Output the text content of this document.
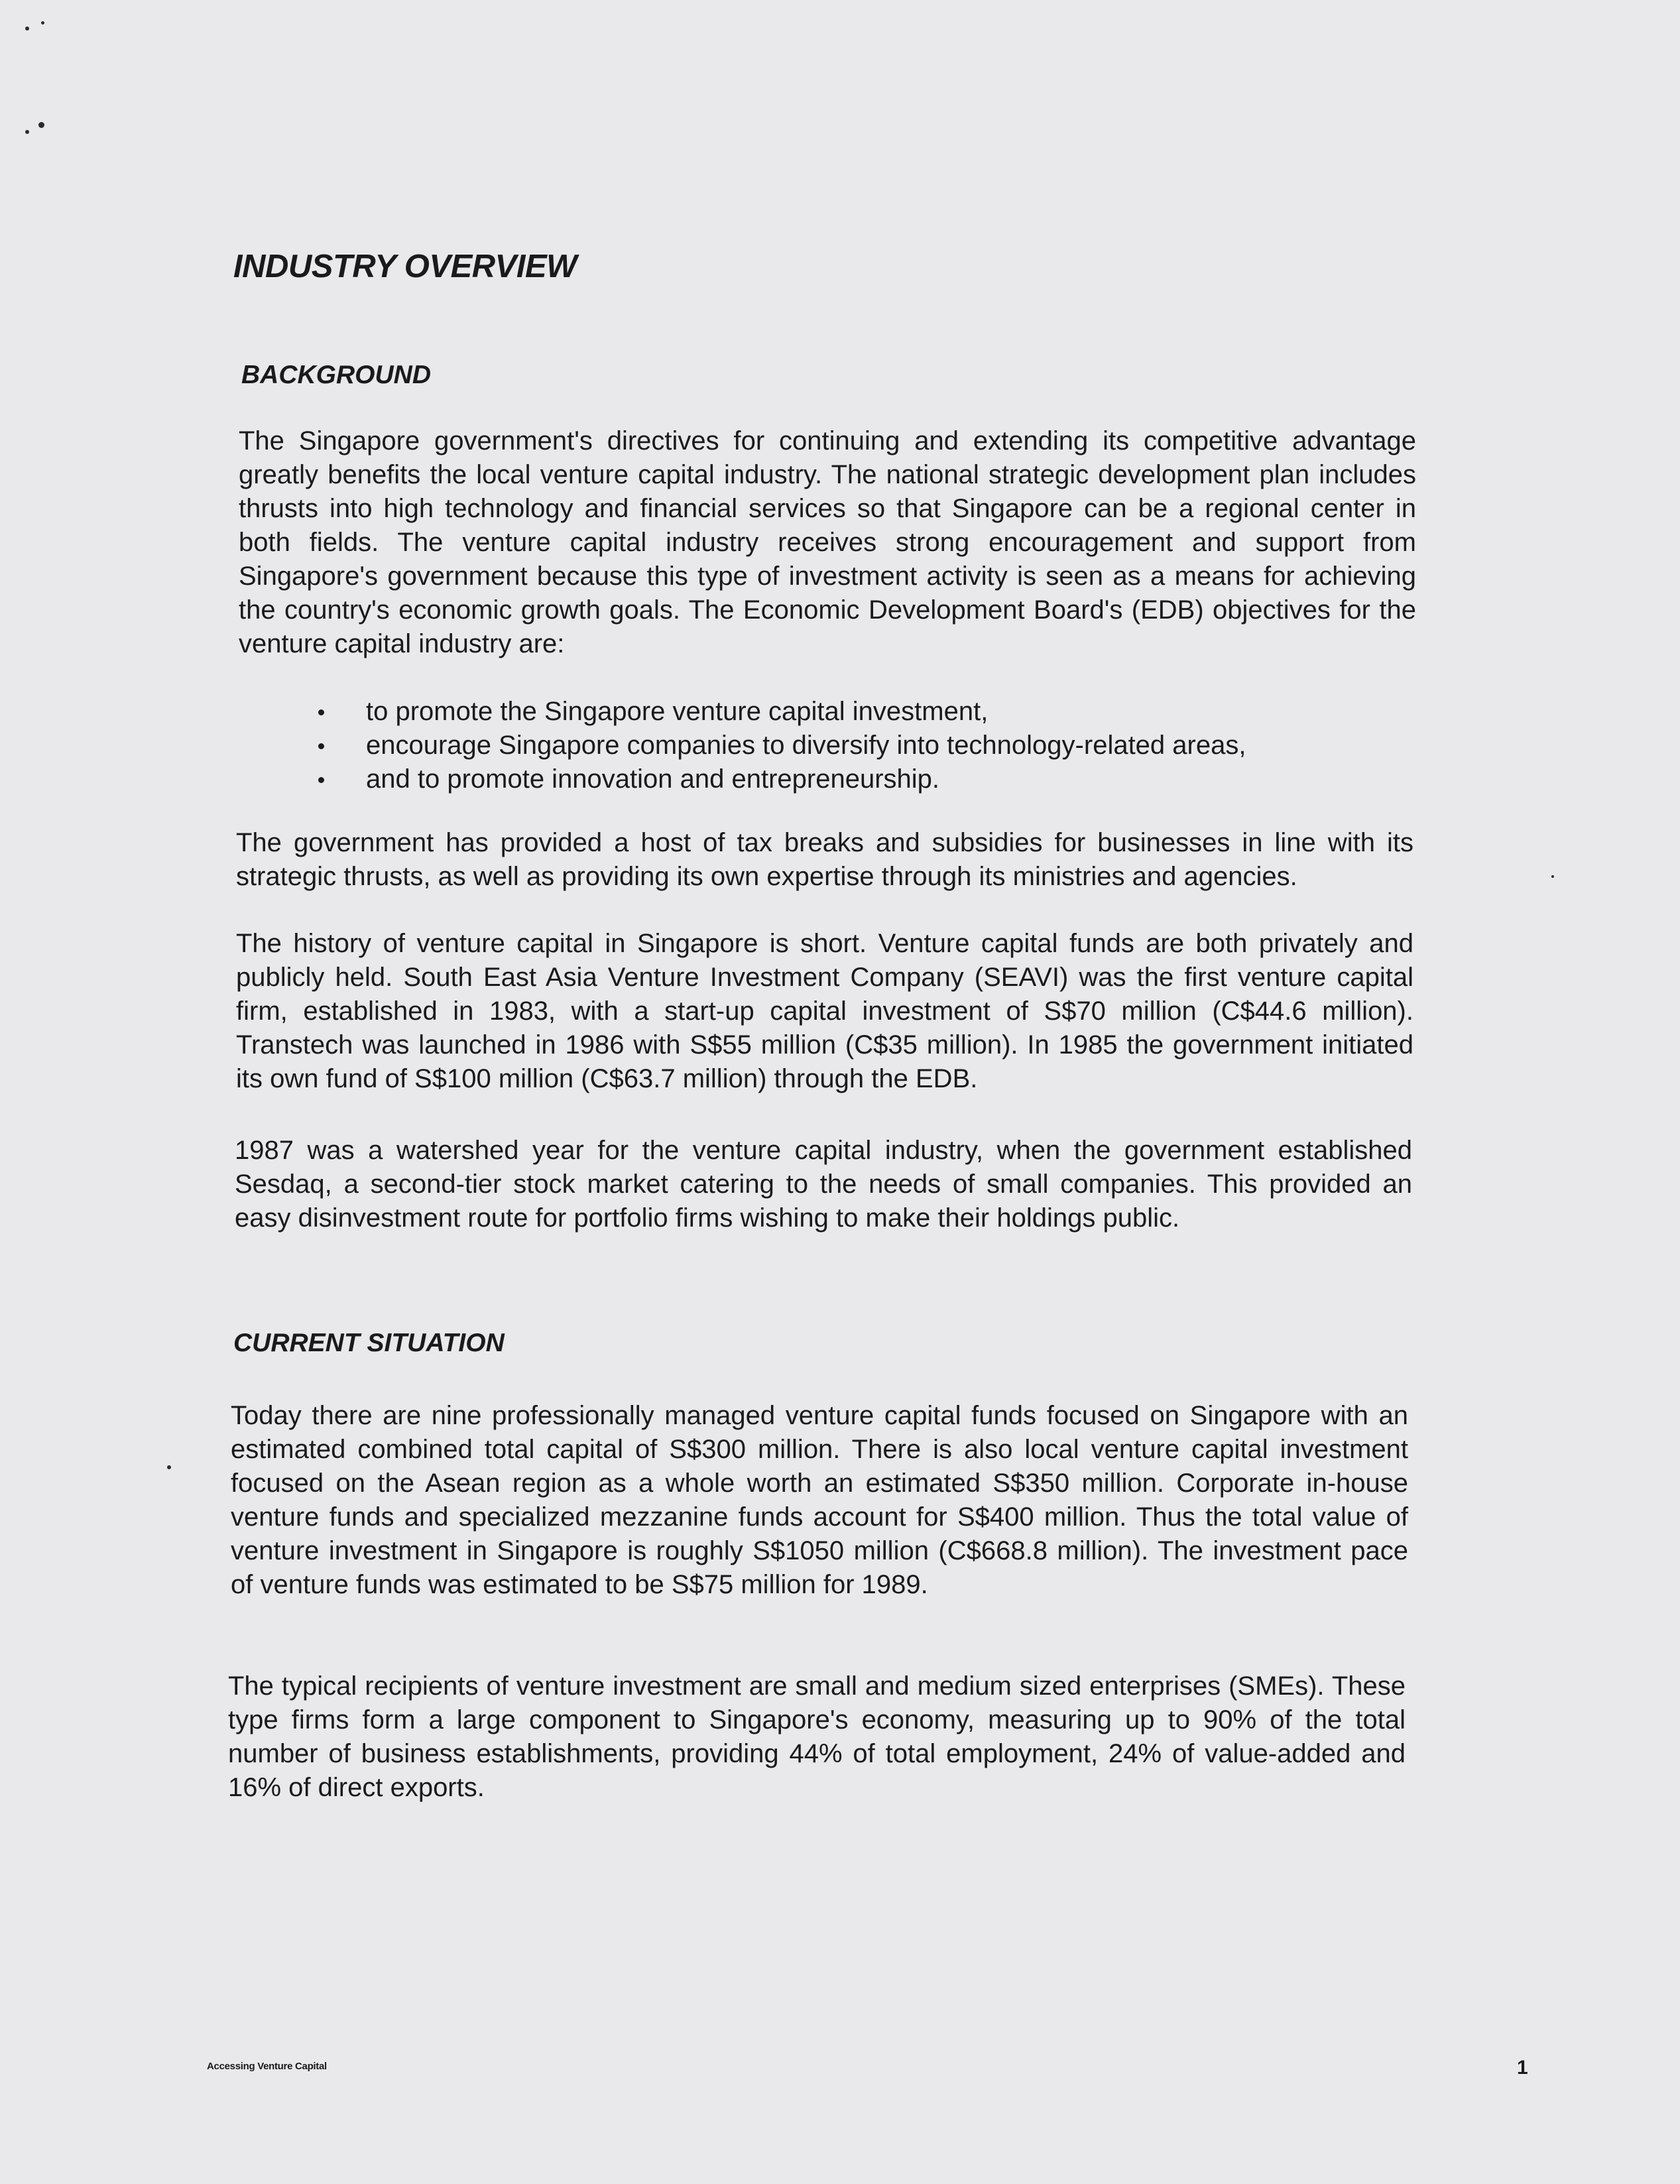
INDUSTRY OVERVIEW
BACKGROUND

The Singapore government's directives for continuing and extending its competitive advantage greatly benefits the local venture capital industry. The national strategic development plan includes thrusts into high technology and financial services so that Singapore can be a regional center in both fields. The venture capital industry receives strong encouragement and support from Singapore's government because this type of investment activity is seen as a means for achieving the country's economic growth goals. The Economic Development Board's (EDB) objectives for the venture capital industry are:

to promote the Singapore venture capital investment,
encourage Singapore companies to diversify into technology-related areas,
and to promote innovation and entrepreneurship.

The government has provided a host of tax breaks and subsidies for businesses in line with its strategic thrusts, as well as providing its own expertise through its ministries and agencies.

The history of venture capital in Singapore is short. Venture capital funds are both privately and publicly held. South East Asia Venture Investment Company (SEAVI) was the first venture capital firm, established in 1983, with a start-up capital investment of S$70 million (C$44.6 million). Transtech was launched in 1986 with S$55 million (C$35 million). In 1985 the government initiated its own fund of S$100 million (C$63.7 million) through the EDB.

1987 was a watershed year for the venture capital industry, when the government established Sesdaq, a second-tier stock market catering to the needs of small companies. This provided an easy disinvestment route for portfolio firms wishing to make their holdings public.

CURRENT SITUATION

Today there are nine professionally managed venture capital funds focused on Singapore with an estimated combined total capital of S$300 million. There is also local venture capital investment focused on the Asean region as a whole worth an estimated S$350 million. Corporate in-house venture funds and specialized mezzanine funds account for S$400 million. Thus the total value of venture investment in Singapore is roughly S$1050 million (C$668.8 million). The investment pace of venture funds was estimated to be S$75 million for 1989.

The typical recipients of venture investment are small and medium sized enterprises (SMEs). These type firms form a large component to Singapore's economy, measuring up to 90% of the total number of business establishments, providing 44% of total employment, 24% of value-added and 16% of direct exports.

Accessing Venture Capital	1
